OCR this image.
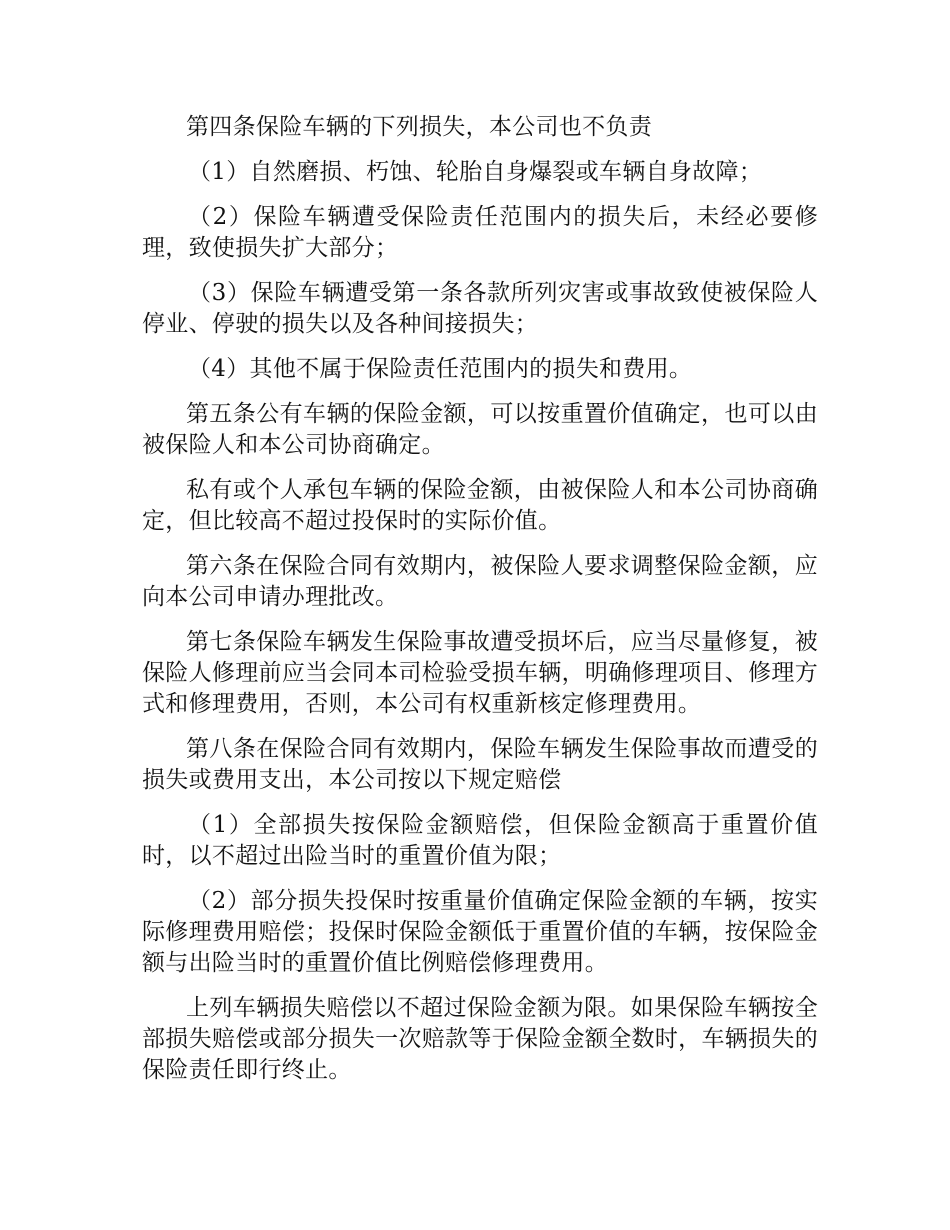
第四条保险车辆的下列损失，本公司也不负责

（1）自然磨损、朽蚀、轮胎自身爆裂或车辆自身故障；

（2）保险车辆遭受保险责任范围内的损失后，未经必要修理，致使损失扩大部分；

（3）保险车辆遭受第一条各款所列灾害或事故致使被保险人停业、停驶的损失以及各种间接损失；

（4）其他不属于保险责任范围内的损失和费用。

第五条公有车辆的保险金额，可以按重置价值确定，也可以由被保险人和本公司协商确定。

私有或个人承包车辆的保险金额，由被保险人和本公司协商确定，但比较高不超过投保时的实际价值。

第六条在保险合同有效期内，被保险人要求调整保险金额，应向本公司申请办理批改。

第七条保险车辆发生保险事故遭受损坏后，应当尽量修复，被保险人修理前应当会同本司检验受损车辆，明确修理项目、修理方式和修理费用，否则，本公司有权重新核定修理费用。

第八条在保险合同有效期内，保险车辆发生保险事故而遭受的损失或费用支出，本公司按以下规定赔偿

（1）全部损失按保险金额赔偿，但保险金额高于重置价值时，以不超过出险当时的重置价值为限；

（2）部分损失投保时按重量价值确定保险金额的车辆，按实际修理费用赔偿；投保时保险金额低于重置价值的车辆，按保险金额与出险当时的重置价值比例赔偿修理费用。

上列车辆损失赔偿以不超过保险金额为限。如果保险车辆按全部损失赔偿或部分损失一次赔款等于保险金额全数时，车辆损失的保险责任即行终止。
